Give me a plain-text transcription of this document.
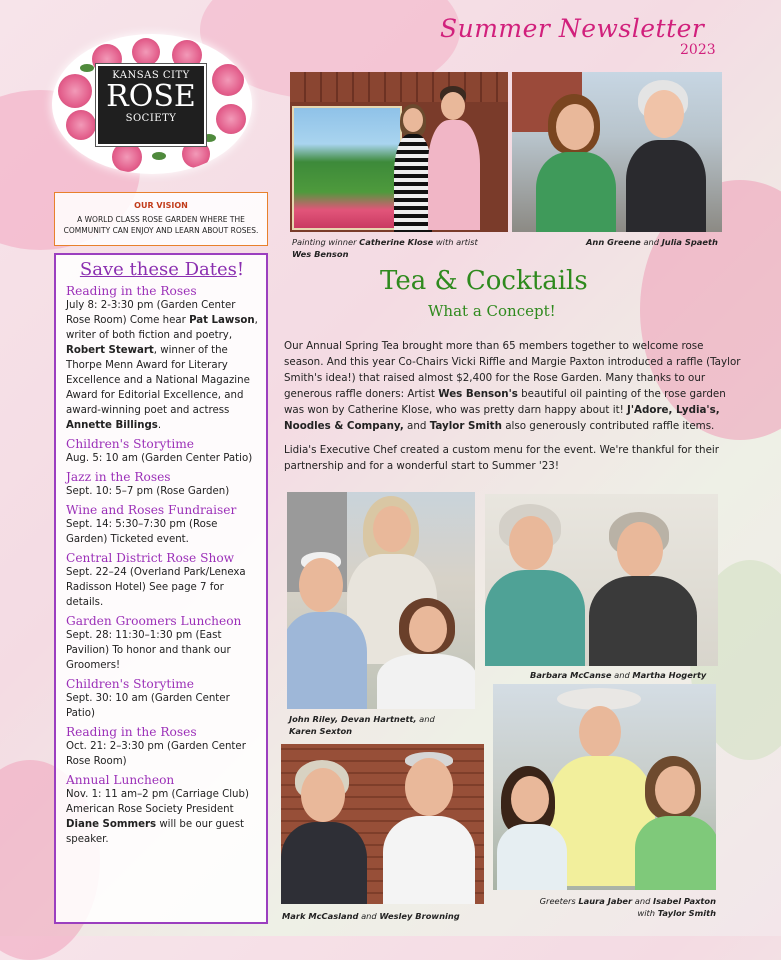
Summer Newsletter
2023
KANSAS CITY
ROSE
SOCIETY
OUR VISION
A WORLD CLASS ROSE GARDEN WHERE THE COMMUNITY CAN ENJOY AND LEARN ABOUT ROSES.
Save these Dates!
Reading in the Roses
July 8: 2-3:30 pm (Garden Center Rose Room) Come hear Pat Lawson, writer of both fiction and poetry, Robert Stewart, winner of the Thorpe Menn Award for Literary Excellence and a National Magazine Award for Editorial Excellence, and award-winning poet and actress Annette Billings.
Children's Storytime
Aug. 5: 10 am (Garden Center Patio)
Jazz in the Roses
Sept. 10: 5–7 pm (Rose Garden)
Wine and Roses Fundraiser
Sept. 14: 5:30–7:30 pm (Rose Garden) Ticketed event.
Central District Rose Show
Sept. 22–24 (Overland Park/Lenexa Radisson Hotel) See page 7 for details.
Garden Groomers Luncheon
Sept. 28: 11:30–1:30 pm (East Pavilion) To honor and thank our Groomers!
Children's Storytime
Sept. 30: 10 am (Garden Center Patio)
Reading in the Roses
Oct. 21: 2–3:30 pm (Garden Center Rose Room)
Annual Luncheon
Nov. 1: 11 am–2 pm (Carriage Club) American Rose Society President Diane Sommers will be our guest speaker.
Painting winner Catherine Klose with artist
Wes Benson
Ann Greene and Julia Spaeth
Tea & Cocktails
What a Concept!

Our Annual Spring Tea brought more than 65 members together to welcome rose season. And this year Co-Chairs Vicki Riffle and Margie Paxton introduced a raffle (Taylor Smith's idea!) that raised almost $2,400 for the Rose Garden. Many thanks to our generous raffle doners: Artist Wes Benson's beautiful oil painting of the rose garden was won by Catherine Klose, who was pretty darn happy about it! J'Adore, Lydia's, Noodles & Company, and Taylor Smith also generously contributed raffle items.

Lidia's Executive Chef created a custom menu for the event. We're thankful for their partnership and for a wonderful start to Summer '23!

John Riley, Devan Hartnett, and
Karen Sexton
Barbara McCanse and Martha Hogerty
Mark McCasland and Wesley Browning
Greeters Laura Jaber and Isabel Paxton
with Taylor Smith
